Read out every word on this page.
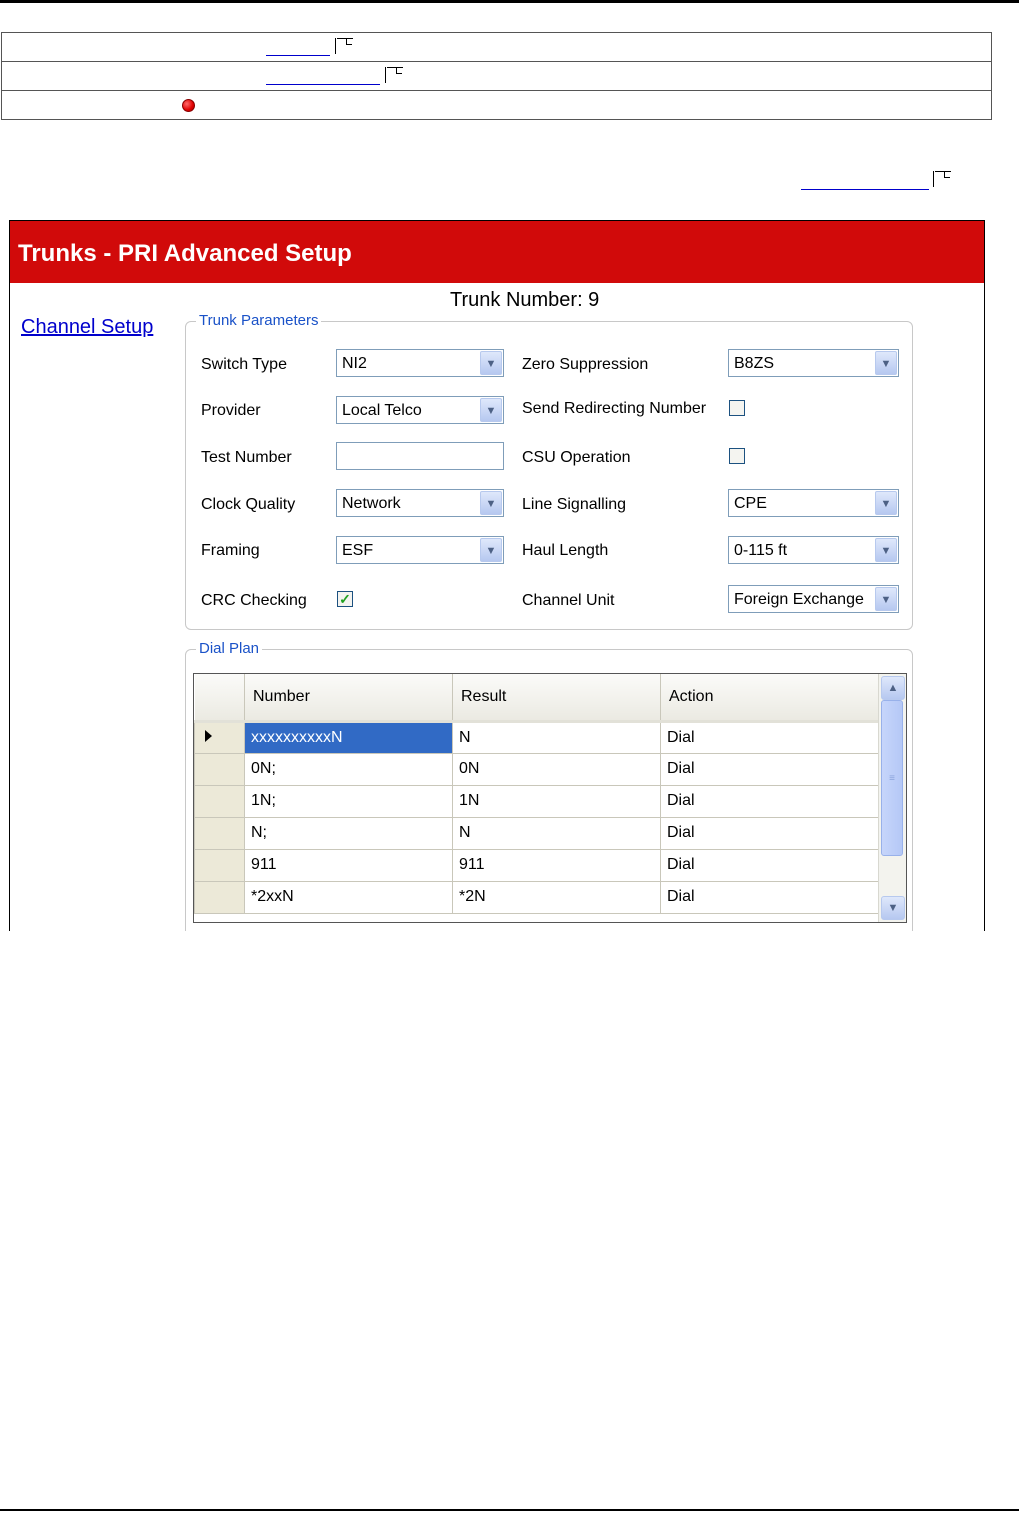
Trunks - PRI Advanced Setup
Channel Setup
Trunk Number: 9
Trunk Parameters
Switch Type	NI2	▼
Provider	Local Telco	▼
Test Number
Clock Quality	Network	▼
Framing	ESF	▼
CRC Checking ✓
Zero Suppression	B8ZS	▼
Send Redirecting Number
CSU Operation
Line Signalling	CPE	▼
Haul Length	0-115 ft	▼
Channel Unit	Foreign Exchange	▼
Dial Plan
	Number	Result	Action
	xxxxxxxxxxN	N	Dial
	0N;	0N	Dial
	1N;	1N	Dial
	N;	N	Dial
	911	911	Dial
	*2xxN	*2N	Dial
▲
≡
▼
